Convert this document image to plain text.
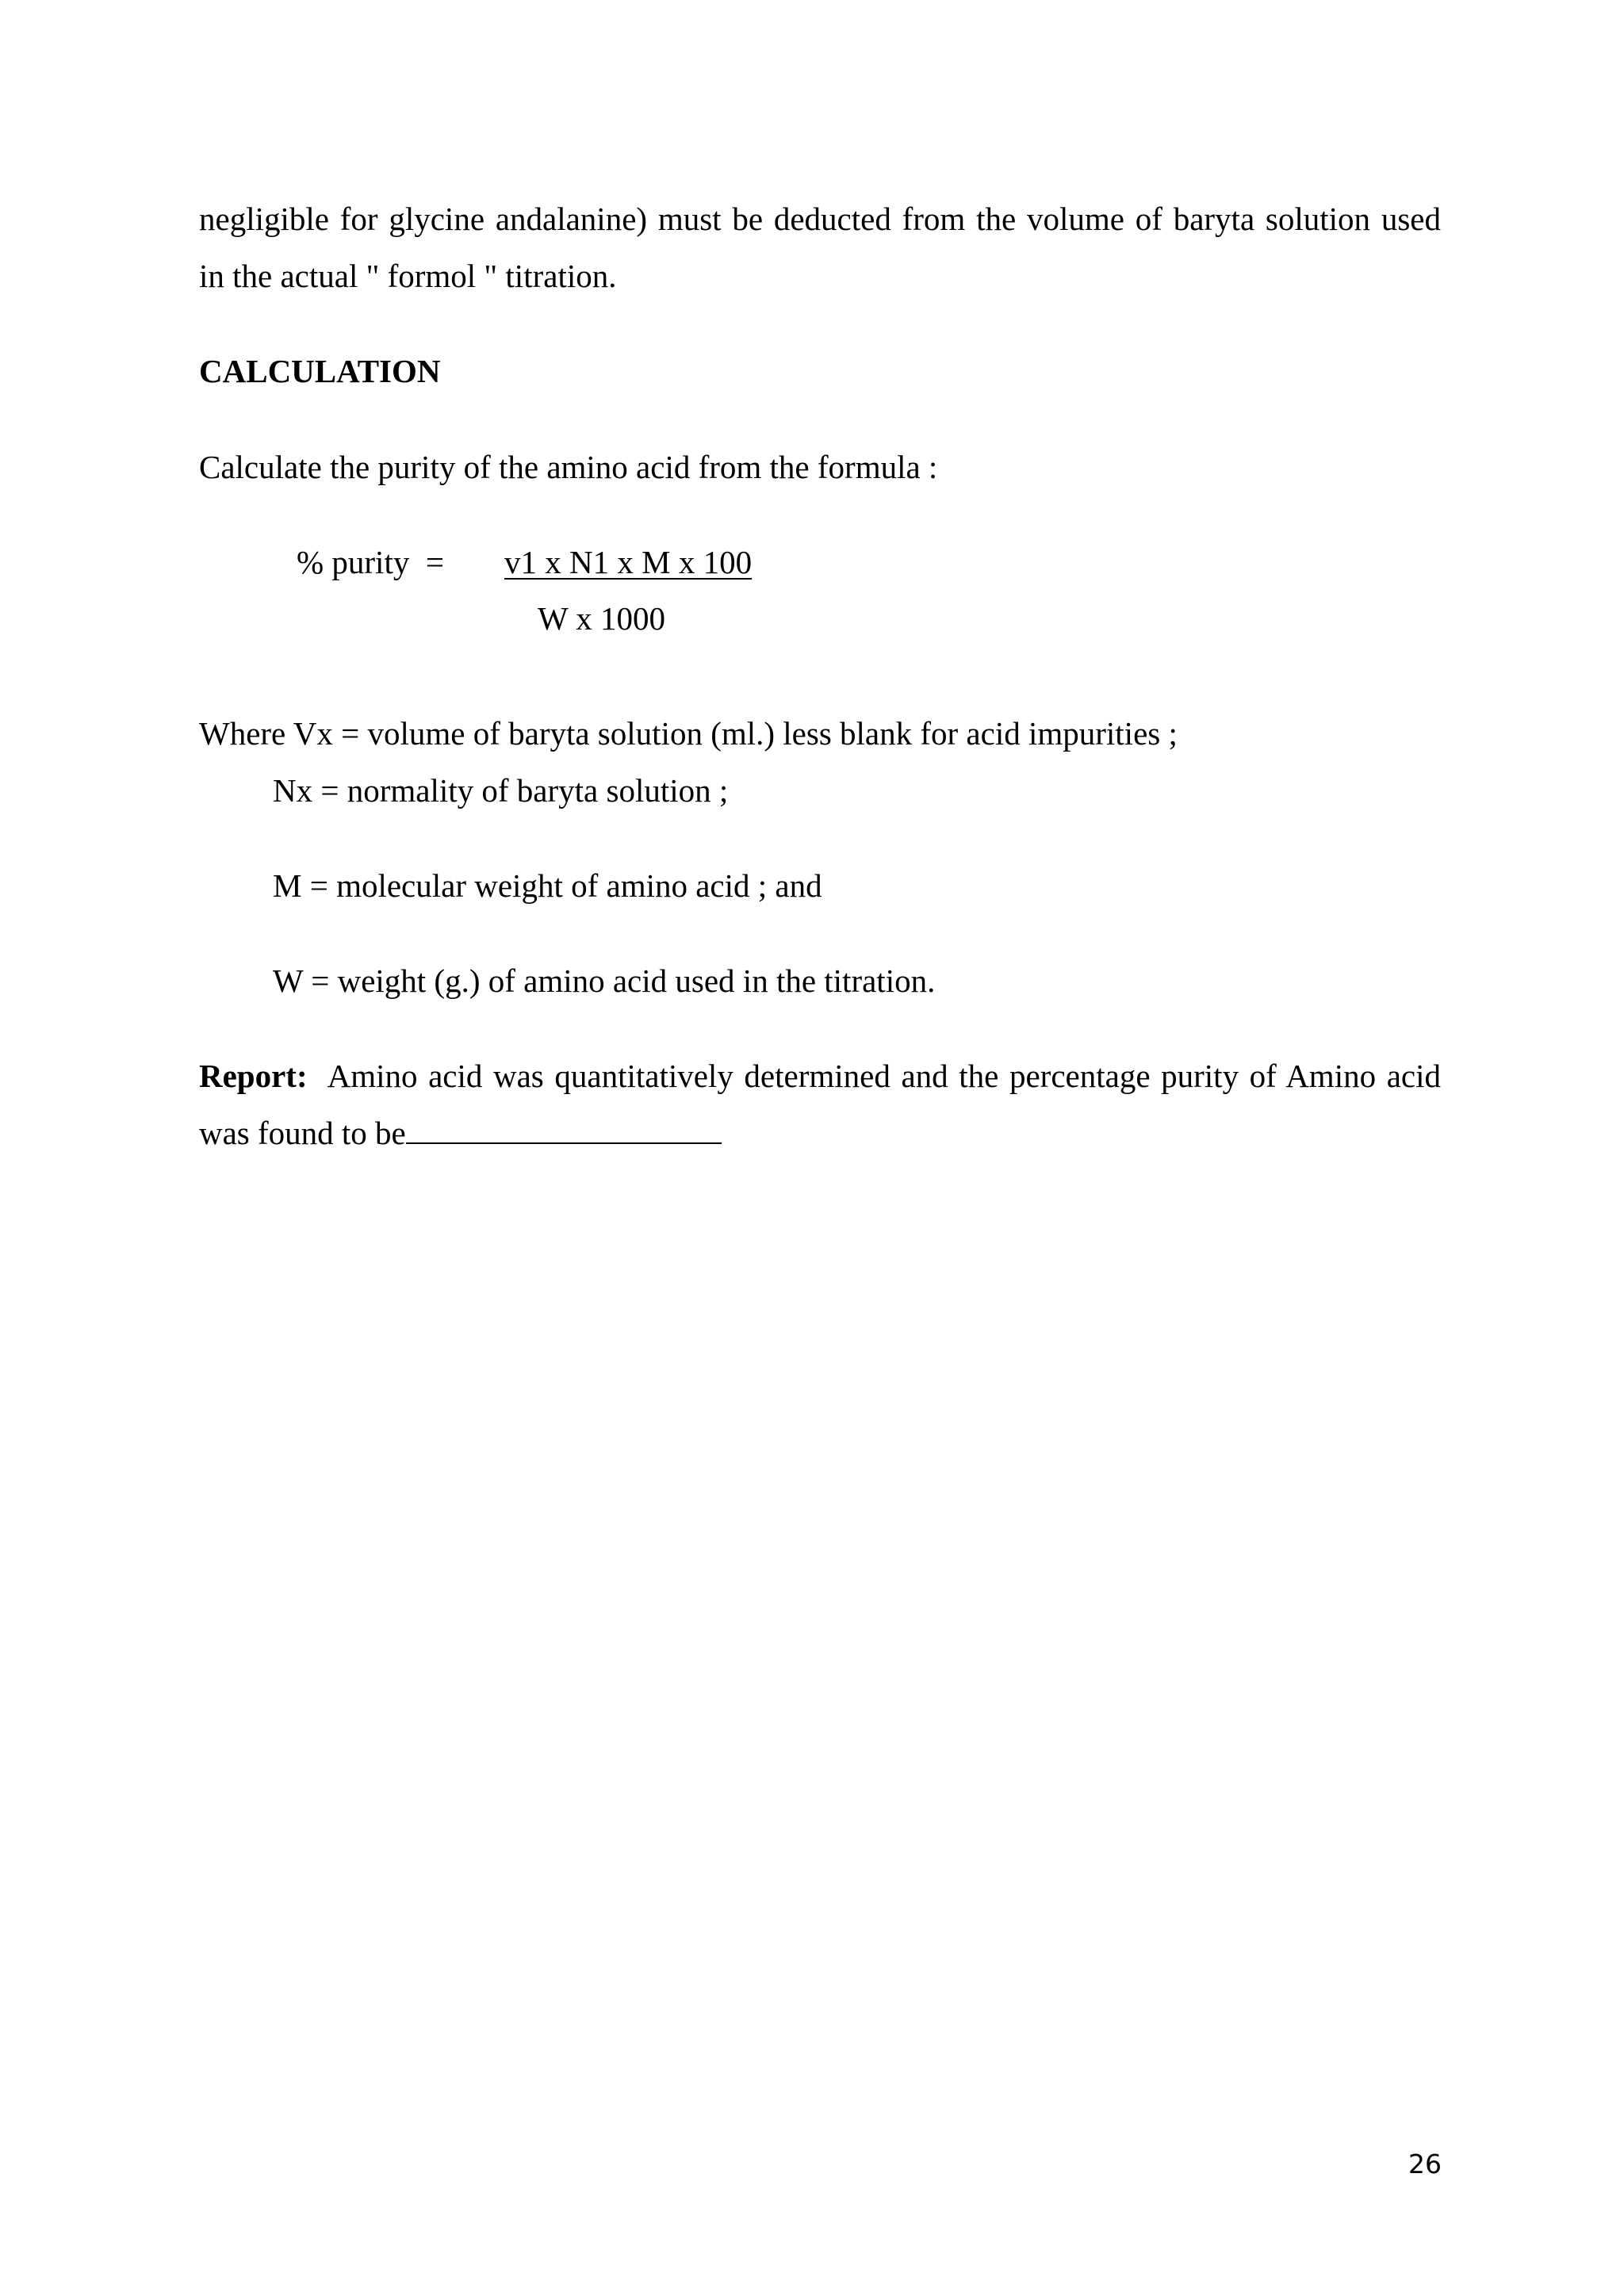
negligible for glycine andalanine) must be deducted from the volume of baryta solution used
in the actual " formol " titration.
CALCULATION
Calculate the purity of the amino acid from the formula :
% purity  = v1 x N1 x M x 100
W x 1000
Where Vx = volume of baryta solution (ml.) less blank for acid impurities ;
Nx = normality of baryta solution ;
M = molecular weight of amino acid ; and
W = weight (g.) of amino acid used in the titration.
Report: Amino acid was quantitatively determined and the percentage purity of Amino acid
was found to be
26
